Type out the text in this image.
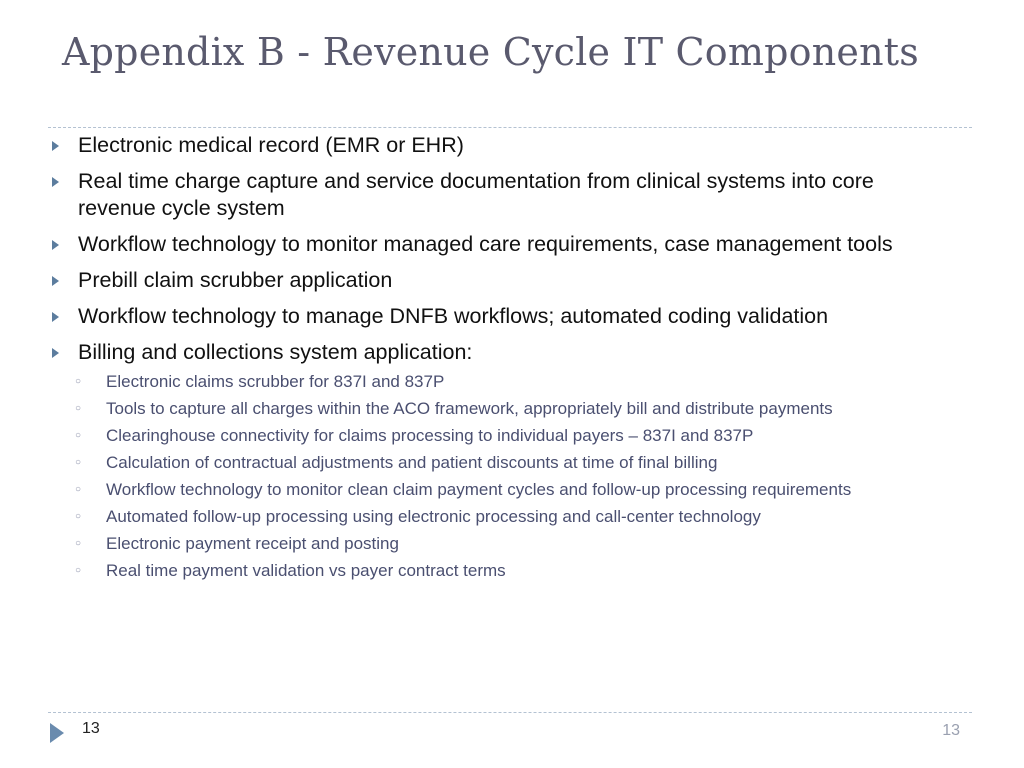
Appendix B - Revenue Cycle IT Components
Electronic medical record (EMR or EHR)
Real time charge capture and service documentation from clinical systems into core revenue cycle system
Workflow technology to monitor managed care requirements, case management tools
Prebill claim scrubber application
Workflow technology to manage DNFB workflows; automated coding validation
Billing and collections system application:
○ Electronic claims scrubber for 837I and 837P
○ Tools to capture all charges within the ACO framework, appropriately bill and distribute payments
○ Clearinghouse connectivity for claims processing to individual payers – 837I and 837P
○ Calculation of contractual adjustments and patient discounts at time of final billing
○ Workflow technology to monitor clean claim payment cycles and follow-up processing requirements
○ Automated follow-up processing using electronic processing and call-center technology
○ Electronic payment receipt and posting
○ Real time payment validation vs payer contract terms
13	13
